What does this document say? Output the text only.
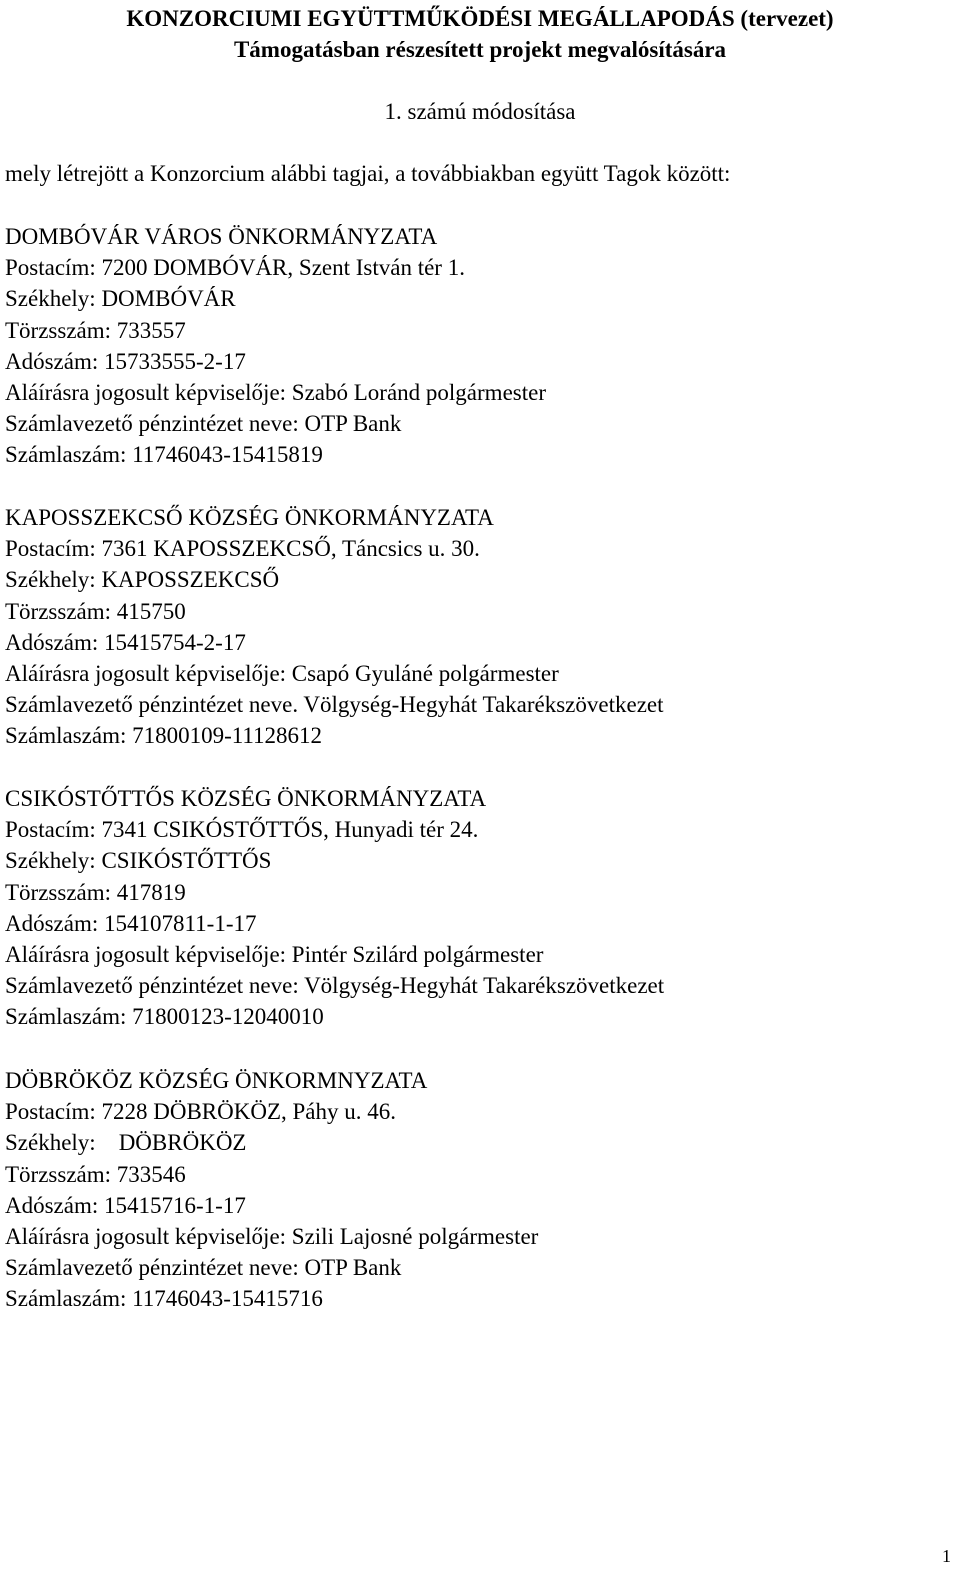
KONZORCIUMI EGYÜTTMŰKÖDÉSI MEGÁLLAPODÁS (tervezet)
Támogatásban részesített projekt megvalósítására
1. számú módosítása
mely létrejött a Konzorcium alábbi tagjai, a továbbiakban együtt Tagok között:
DOMBÓVÁR VÁROS ÖNKORMÁNYZATA
Postacím: 7200 DOMBÓVÁR, Szent István tér 1.
Székhely: DOMBÓVÁR
Törzsszám: 733557
Adószám: 15733555-2-17
Aláírásra jogosult képviselője: Szabó Loránd polgármester
Számlavezető pénzintézet neve: OTP Bank
Számlaszám: 11746043-15415819
KAPOSSZEKCSŐ KÖZSÉG ÖNKORMÁNYZATA
Postacím: 7361 KAPOSSZEKCSŐ, Táncsics u. 30.
Székhely: KAPOSSZEKCSŐ
Törzsszám: 415750
Adószám: 15415754-2-17
Aláírásra jogosult képviselője: Csapó Gyuláné polgármester
Számlavezető pénzintézet neve. Völgység-Hegyhát Takarékszövetkezet
Számlaszám: 71800109-11128612
CSIKÓSTŐTTŐS KÖZSÉG ÖNKORMÁNYZATA
Postacím: 7341 CSIKÓSTŐTTŐS, Hunyadi tér 24.
Székhely: CSIKÓSTŐTTŐS
Törzsszám: 417819
Adószám: 154107811-1-17
Aláírásra jogosult képviselője: Pintér Szilárd polgármester
Számlavezető pénzintézet neve: Völgység-Hegyhát Takarékszövetkezet
Számlaszám: 71800123-12040010
DÖBRÖKÖZ KÖZSÉG ÖNKORMNYZATA
Postacím: 7228 DÖBRÖKÖZ, Páhy u. 46.
Székhely:    DÖBRÖKÖZ
Törzsszám: 733546
Adószám: 15415716-1-17
Aláírásra jogosult képviselője: Szili Lajosné polgármester
Számlavezető pénzintézet neve: OTP Bank
Számlaszám: 11746043-15415716
1
